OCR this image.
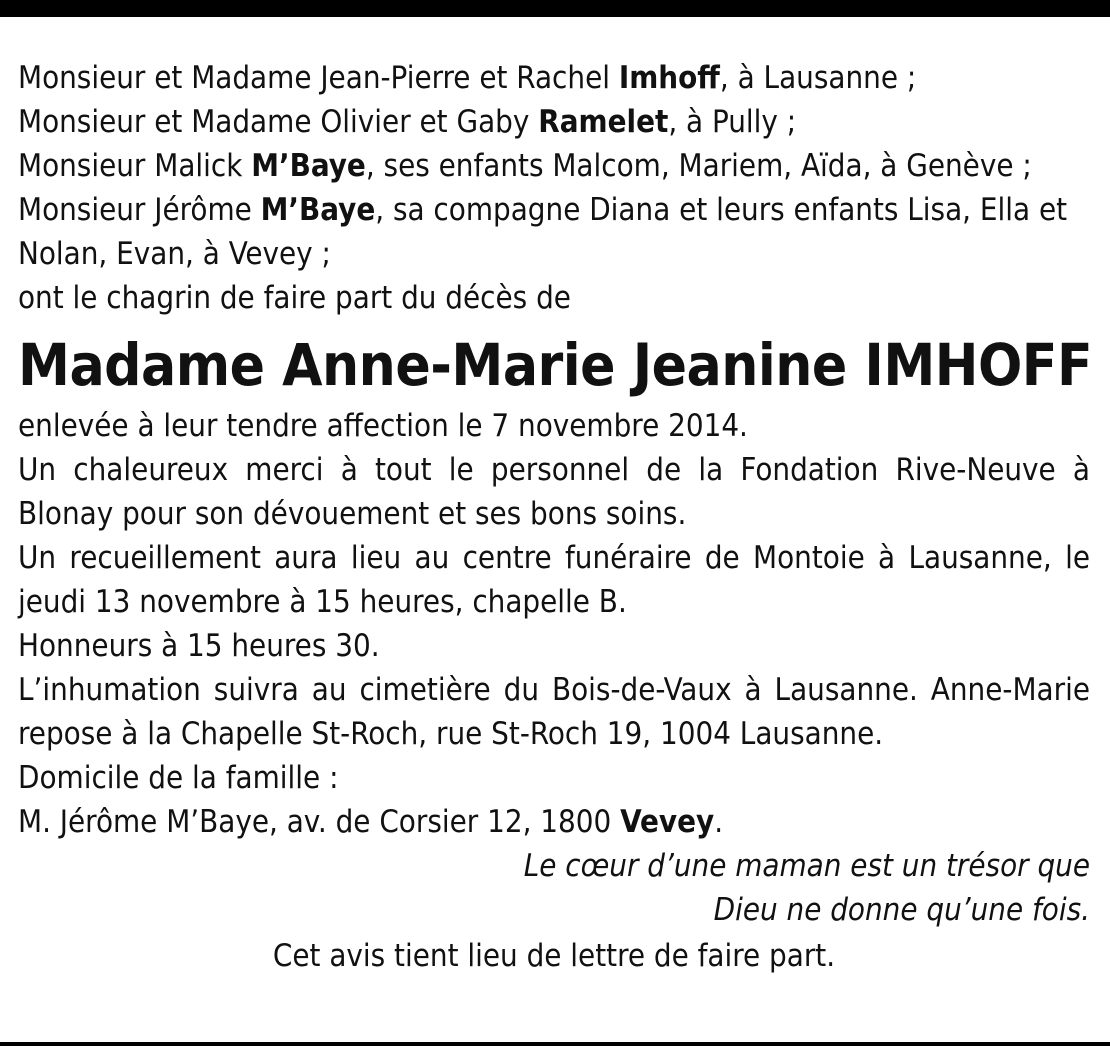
Monsieur et Madame Jean-Pierre et Rachel Imhoff, à Lausanne ;
Monsieur et Madame Olivier et Gaby Ramelet, à Pully ;
Monsieur Malick M’Baye, ses enfants Malcom, Mariem, Aïda, à Genève ;
Monsieur Jérôme M’Baye, sa compagne Diana et leurs enfants Lisa, Ella et Nolan, Evan, à Vevey ;
ont le chagrin de faire part du décès de
Madame Anne-Marie Jeanine IMHOFF
enlevée à leur tendre affection le 7 novembre 2014.
Un chaleureux merci à tout le personnel de la Fondation Rive-Neuve à Blonay pour son dévouement et ses bons soins.
Un recueillement aura lieu au centre funéraire de Montoie à Lausanne, le jeudi 13 novembre à 15 heures, chapelle B.
Honneurs à 15 heures 30.
L’inhumation suivra au cimetière du Bois-de-Vaux à Lausanne. Anne-Marie repose à la Chapelle St-Roch, rue St-Roch 19, 1004 Lausanne.
Domicile de la famille :
M. Jérôme M’Baye, av. de Corsier 12, 1800 Vevey.
Le cœur d’une maman est un trésor que
Dieu ne donne qu’une fois.
Cet avis tient lieu de lettre de faire part.
